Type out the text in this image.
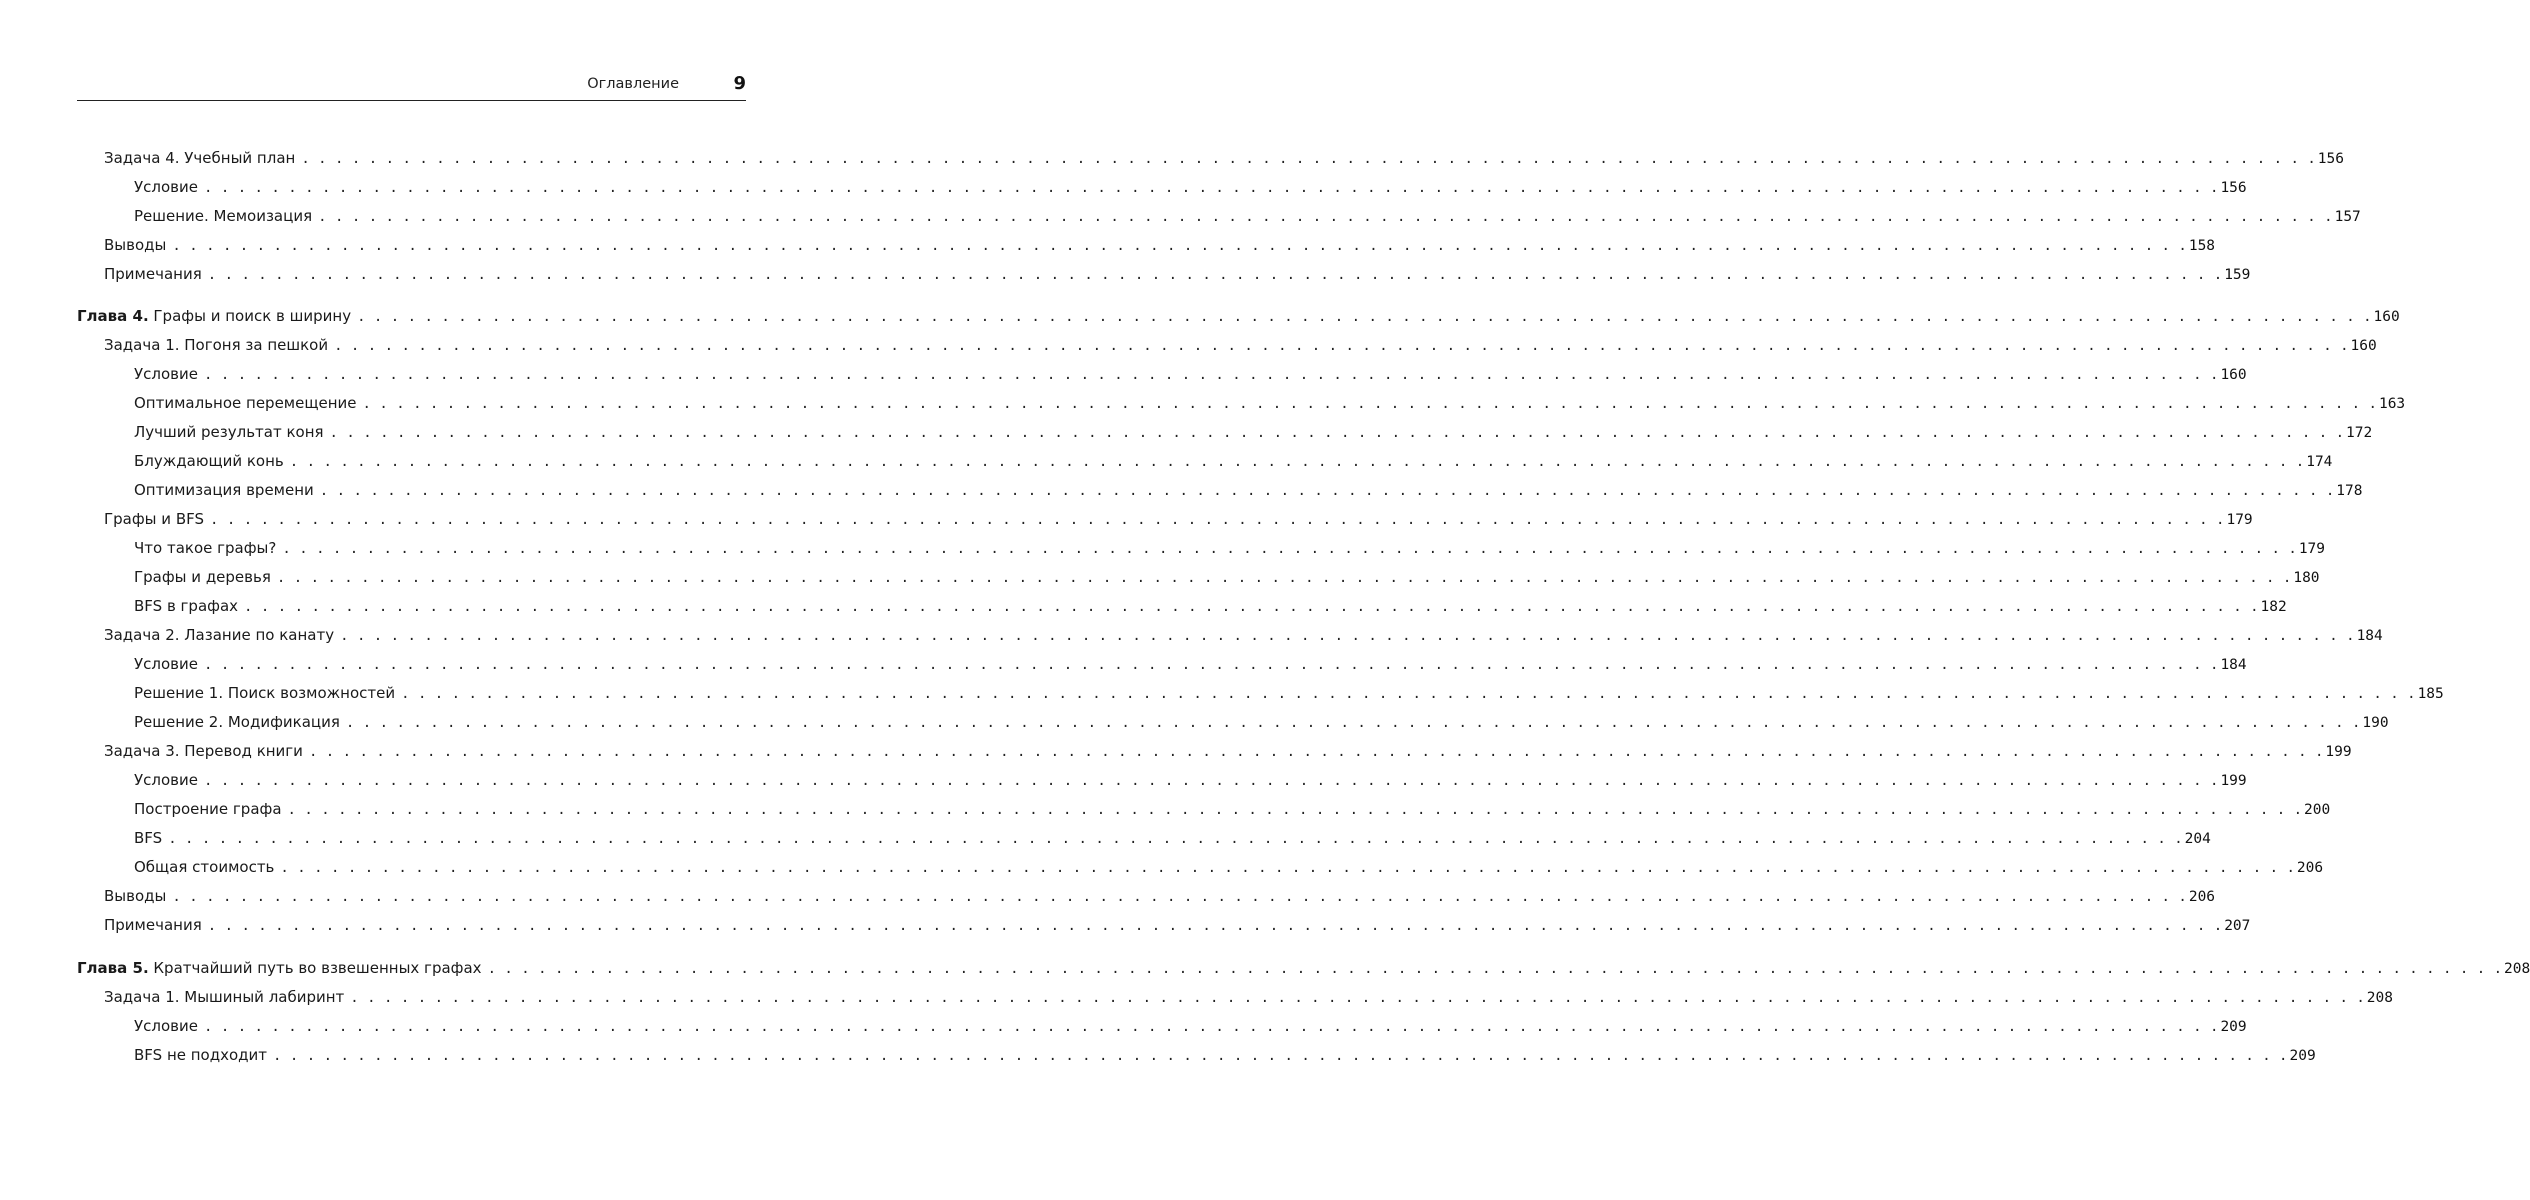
Оглавление	9
Задача 4. Учебный план . . . . . . . . . . . . . . . . . . . . . . . . . . . . . . . . . . . . . . . . . . . . . . . . . . . . . . . . . . . . . . . . . . . . . . . . . . . . . . . . . . . . . . . . . . . . . . . . . . . . . . . . . . . . . . . . . . . . . . . . 156
Условие . . . . . . . . . . . . . . . . . . . . . . . . . . . . . . . . . . . . . . . . . . . . . . . . . . . . . . . . . . . . . . . . . . . . . . . . . . . . . . . . . . . . . . . . . . . . . . . . . . . . . . . . . . . . . . . . . . . . . . . . 156
Решение. Мемоизация . . . . . . . . . . . . . . . . . . . . . . . . . . . . . . . . . . . . . . . . . . . . . . . . . . . . . . . . . . . . . . . . . . . . . . . . . . . . . . . . . . . . . . . . . . . . . . . . . . . . . . . . . . . . . . . . . . . . . . . . 157
Выводы . . . . . . . . . . . . . . . . . . . . . . . . . . . . . . . . . . . . . . . . . . . . . . . . . . . . . . . . . . . . . . . . . . . . . . . . . . . . . . . . . . . . . . . . . . . . . . . . . . . . . . . . . . . . . . . . . . . . . . . . 158
Примечания . . . . . . . . . . . . . . . . . . . . . . . . . . . . . . . . . . . . . . . . . . . . . . . . . . . . . . . . . . . . . . . . . . . . . . . . . . . . . . . . . . . . . . . . . . . . . . . . . . . . . . . . . . . . . . . . . . . . . . . . 159
Глава 4. Графы и поиск в ширину . . . . . . . . . . . . . . . . . . . . . . . . . . . . . . . . . . . . . . . . . . . . . . . . . . . . . . . . . . . . . . . . . . . . . . . . . . . . . . . . . . . . . . . . . . . . . . . . . . . . . . . . . . . . . . . . . . . . . . . . 160
Задача 1. Погоня за пешкой . . . . . . . . . . . . . . . . . . . . . . . . . . . . . . . . . . . . . . . . . . . . . . . . . . . . . . . . . . . . . . . . . . . . . . . . . . . . . . . . . . . . . . . . . . . . . . . . . . . . . . . . . . . . . . . . . . . . . . . . 160
Условие . . . . . . . . . . . . . . . . . . . . . . . . . . . . . . . . . . . . . . . . . . . . . . . . . . . . . . . . . . . . . . . . . . . . . . . . . . . . . . . . . . . . . . . . . . . . . . . . . . . . . . . . . . . . . . . . . . . . . . . . 160
Оптимальное перемещение . . . . . . . . . . . . . . . . . . . . . . . . . . . . . . . . . . . . . . . . . . . . . . . . . . . . . . . . . . . . . . . . . . . . . . . . . . . . . . . . . . . . . . . . . . . . . . . . . . . . . . . . . . . . . . . . . . . . . . . . 163
Лучший результат коня . . . . . . . . . . . . . . . . . . . . . . . . . . . . . . . . . . . . . . . . . . . . . . . . . . . . . . . . . . . . . . . . . . . . . . . . . . . . . . . . . . . . . . . . . . . . . . . . . . . . . . . . . . . . . . . . . . . . . . . . 172
Блуждающий конь . . . . . . . . . . . . . . . . . . . . . . . . . . . . . . . . . . . . . . . . . . . . . . . . . . . . . . . . . . . . . . . . . . . . . . . . . . . . . . . . . . . . . . . . . . . . . . . . . . . . . . . . . . . . . . . . . . . . . . . . 174
Оптимизация времени . . . . . . . . . . . . . . . . . . . . . . . . . . . . . . . . . . . . . . . . . . . . . . . . . . . . . . . . . . . . . . . . . . . . . . . . . . . . . . . . . . . . . . . . . . . . . . . . . . . . . . . . . . . . . . . . . . . . . . . . 178
Графы и BFS . . . . . . . . . . . . . . . . . . . . . . . . . . . . . . . . . . . . . . . . . . . . . . . . . . . . . . . . . . . . . . . . . . . . . . . . . . . . . . . . . . . . . . . . . . . . . . . . . . . . . . . . . . . . . . . . . . . . . . . . 179
Что такое графы? . . . . . . . . . . . . . . . . . . . . . . . . . . . . . . . . . . . . . . . . . . . . . . . . . . . . . . . . . . . . . . . . . . . . . . . . . . . . . . . . . . . . . . . . . . . . . . . . . . . . . . . . . . . . . . . . . . . . . . . . 179
Графы и деревья . . . . . . . . . . . . . . . . . . . . . . . . . . . . . . . . . . . . . . . . . . . . . . . . . . . . . . . . . . . . . . . . . . . . . . . . . . . . . . . . . . . . . . . . . . . . . . . . . . . . . . . . . . . . . . . . . . . . . . . . 180
BFS в графах . . . . . . . . . . . . . . . . . . . . . . . . . . . . . . . . . . . . . . . . . . . . . . . . . . . . . . . . . . . . . . . . . . . . . . . . . . . . . . . . . . . . . . . . . . . . . . . . . . . . . . . . . . . . . . . . . . . . . . . . 182
Задача 2. Лазание по канату . . . . . . . . . . . . . . . . . . . . . . . . . . . . . . . . . . . . . . . . . . . . . . . . . . . . . . . . . . . . . . . . . . . . . . . . . . . . . . . . . . . . . . . . . . . . . . . . . . . . . . . . . . . . . . . . . . . . . . . . 184
Условие . . . . . . . . . . . . . . . . . . . . . . . . . . . . . . . . . . . . . . . . . . . . . . . . . . . . . . . . . . . . . . . . . . . . . . . . . . . . . . . . . . . . . . . . . . . . . . . . . . . . . . . . . . . . . . . . . . . . . . . . 184
Решение 1. Поиск возможностей . . . . . . . . . . . . . . . . . . . . . . . . . . . . . . . . . . . . . . . . . . . . . . . . . . . . . . . . . . . . . . . . . . . . . . . . . . . . . . . . . . . . . . . . . . . . . . . . . . . . . . . . . . . . . . . . . . . . . . . . 185
Решение 2. Модификация . . . . . . . . . . . . . . . . . . . . . . . . . . . . . . . . . . . . . . . . . . . . . . . . . . . . . . . . . . . . . . . . . . . . . . . . . . . . . . . . . . . . . . . . . . . . . . . . . . . . . . . . . . . . . . . . . . . . . . . . 190
Задача 3. Перевод книги . . . . . . . . . . . . . . . . . . . . . . . . . . . . . . . . . . . . . . . . . . . . . . . . . . . . . . . . . . . . . . . . . . . . . . . . . . . . . . . . . . . . . . . . . . . . . . . . . . . . . . . . . . . . . . . . . . . . . . . . 199
Условие . . . . . . . . . . . . . . . . . . . . . . . . . . . . . . . . . . . . . . . . . . . . . . . . . . . . . . . . . . . . . . . . . . . . . . . . . . . . . . . . . . . . . . . . . . . . . . . . . . . . . . . . . . . . . . . . . . . . . . . . 199
Построение графа . . . . . . . . . . . . . . . . . . . . . . . . . . . . . . . . . . . . . . . . . . . . . . . . . . . . . . . . . . . . . . . . . . . . . . . . . . . . . . . . . . . . . . . . . . . . . . . . . . . . . . . . . . . . . . . . . . . . . . . . 200
BFS . . . . . . . . . . . . . . . . . . . . . . . . . . . . . . . . . . . . . . . . . . . . . . . . . . . . . . . . . . . . . . . . . . . . . . . . . . . . . . . . . . . . . . . . . . . . . . . . . . . . . . . . . . . . . . . . . . . . . . . . 204
Общая стоимость . . . . . . . . . . . . . . . . . . . . . . . . . . . . . . . . . . . . . . . . . . . . . . . . . . . . . . . . . . . . . . . . . . . . . . . . . . . . . . . . . . . . . . . . . . . . . . . . . . . . . . . . . . . . . . . . . . . . . . . . 206
Выводы . . . . . . . . . . . . . . . . . . . . . . . . . . . . . . . . . . . . . . . . . . . . . . . . . . . . . . . . . . . . . . . . . . . . . . . . . . . . . . . . . . . . . . . . . . . . . . . . . . . . . . . . . . . . . . . . . . . . . . . . 206
Примечания . . . . . . . . . . . . . . . . . . . . . . . . . . . . . . . . . . . . . . . . . . . . . . . . . . . . . . . . . . . . . . . . . . . . . . . . . . . . . . . . . . . . . . . . . . . . . . . . . . . . . . . . . . . . . . . . . . . . . . . . 207
Глава 5. Кратчайший путь во взвешенных графах . . . . . . . . . . . . . . . . . . . . . . . . . . . . . . . . . . . . . . . . . . . . . . . . . . . . . . . . . . . . . . . . . . . . . . . . . . . . . . . . . . . . . . . . . . . . . . . . . . . . . . . . . . . . . . . . . . . . . . . . 208
Задача 1. Мышиный лабиринт . . . . . . . . . . . . . . . . . . . . . . . . . . . . . . . . . . . . . . . . . . . . . . . . . . . . . . . . . . . . . . . . . . . . . . . . . . . . . . . . . . . . . . . . . . . . . . . . . . . . . . . . . . . . . . . . . . . . . . . . 208
Условие . . . . . . . . . . . . . . . . . . . . . . . . . . . . . . . . . . . . . . . . . . . . . . . . . . . . . . . . . . . . . . . . . . . . . . . . . . . . . . . . . . . . . . . . . . . . . . . . . . . . . . . . . . . . . . . . . . . . . . . . 209
BFS не подходит . . . . . . . . . . . . . . . . . . . . . . . . . . . . . . . . . . . . . . . . . . . . . . . . . . . . . . . . . . . . . . . . . . . . . . . . . . . . . . . . . . . . . . . . . . . . . . . . . . . . . . . . . . . . . . . . . . . . . . . . 209
